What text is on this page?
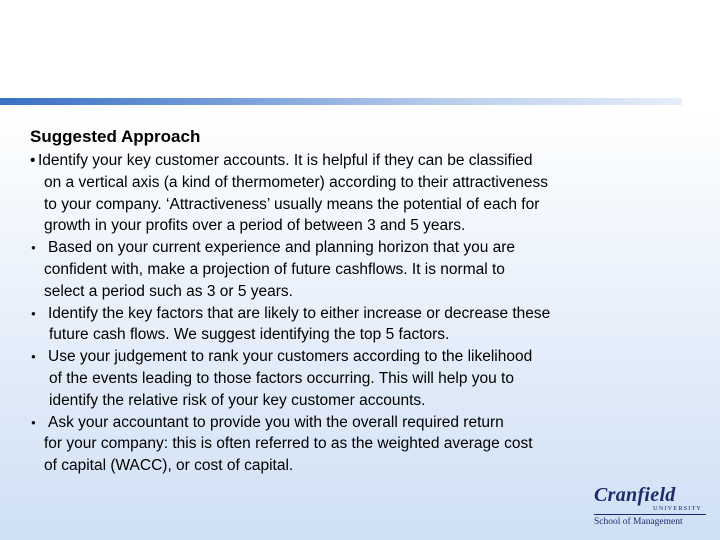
Suggested Approach
• Identify your key customer accounts. It is helpful if they can be classified
on a vertical axis (a kind of thermometer) according to their attractiveness
to your company. ‘Attractiveness’ usually means the potential of each for
growth in your profits over a period of between 3 and 5 years.
● Based on your current experience and planning horizon that you are
confident with, make a projection of future cashflows. It is normal to
select a period such as 3 or 5 years.
● Identify the key factors that are likely to either increase or decrease these
future cash flows. We suggest identifying the top 5 factors.
● Use your judgement to rank your customers according to the likelihood
of the events leading to those factors occurring. This will help you to
identify the relative risk of your key customer accounts.
● Ask your accountant to provide you with the overall required return
for your company: this is often referred to as the weighted average cost
of capital (WACC), or cost of capital.
Cranfield
UNIVERSITY
School of Management
